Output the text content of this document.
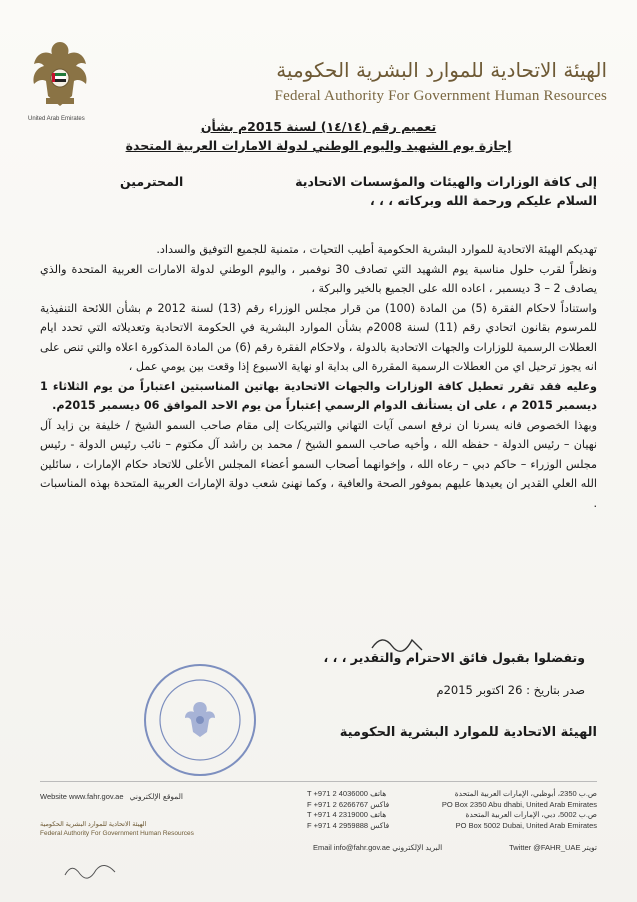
United Arab Emirates
الهيئة الاتحادية للموارد البشرية الحكومية
Federal Authority For Government Human Resources
تعميم رقم (١٤/١٤) لسنة 2015م بشأن
إجازة يوم الشهيد واليوم الوطني لدولة الامارات العربية المتحدة
إلى كافة الوزارات والهيئات والمؤسسات الاتحادية
المحترمين
السلام عليكم ورحمة الله وبركاته ، ، ،

تهديكم الهيئة الاتحادية للموارد البشرية الحكومية أطيب التحيات ، متمنية للجميع التوفيق والسداد.

ونظراً لقرب حلول مناسبة يوم الشهيد التي تصادف 30 نوفمبر ، واليوم الوطني لدولة الامارات العربية المتحدة والذي يصادف 2 – 3 ديسمبر ، اعاده الله على الجميع بالخير والبركة ،

واستناداً لاحكام الفقرة (5) من المادة (100) من قرار مجلس الوزراء رقم (13) لسنة 2012 م بشأن اللائحة التنفيذية للمرسوم بقانون اتحادي رقم (11) لسنة 2008م بشأن الموارد البشرية في الحكومة الاتحادية وتعديلاته التي تحدد ايام العطلات الرسمية للوزارات والجهات الاتحادية بالدولة ، ولاحكام الفقرة رقم (6) من المادة المذكورة اعلاه والتي تنص على انه يجوز ترحيل اي من العطلات الرسمية المقررة الى بداية او نهاية الاسبوع إذا وقعت بين يومي عمل ،

وعليه فقد تقرر تعطيل كافة الوزارات والجهات الاتحادية بهاتين المناسبتين اعتباراً من يوم الثلاثاء 1 ديسمبر 2015 م ، على ان يستأنف الدوام الرسمي إعتباراً من يوم الاحد الموافق 06 ديسمبر 2015م.

وبهذا الخصوص فانه يسرنا ان نرفع اسمى آيات التهاني والتبريكات إلى مقام صاحب السمو الشيخ / خليفة بن زايد آل نهيان – رئيس الدولة - حفظه الله ، وأخيه صاحب السمو الشيخ / محمد بن راشد آل مكتوم – نائب رئيس الدولة - رئيس مجلس الوزراء – حاكم دبي – رعاه الله ، وإخوانهما أصحاب السمو أعضاء المجلس الأعلى للاتحاد حكام الإمارات ، سائلين الله العلي القدير ان يعيدها عليهم بموفور الصحة والعافية ، وكما نهنئ شعب دولة الإمارات العربية المتحدة بهذه المناسبات .

وتفضلوا بقبول فائق الاحترام والتقدير ، ، ،
صدر بتاريخ : 26 اكتوبر 2015م
الهيئة الاتحادية للموارد البشرية الحكومية
Website www.fahr.gov.ae الموقع الإلكتروني
الهيئة الاتحادية للموارد البشرية الحكومية
Federal Authority For Government Human Resources
T +971 2 4036000 هاتف	ص.ب 2350، أبوظبي، الإمارات العربية المتحدة
F +971 2 6266767 فاكس	PO Box 2350 Abu dhabi, United Arab Emirates
T +971 4 2319000 هاتف	ص.ب 5002، دبي، الإمارات العربية المتحدة
F +971 4 2959888 فاكس	PO Box 5002 Dubai, United Arab Emirates
Email info@fahr.gov.ae البريد الإلكتروني	Twitter @FAHR_UAE تويتر
